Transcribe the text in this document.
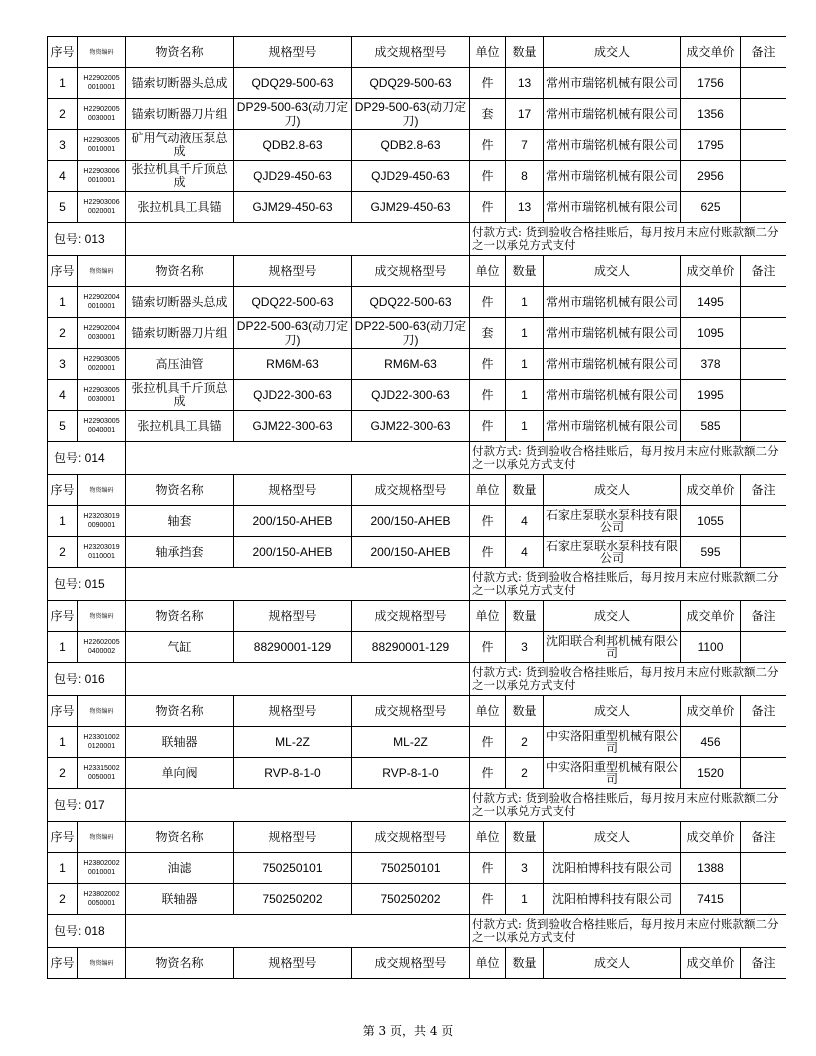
序号	物资编码	物资名称	规格型号	成交规格型号	单位	数量	成交人	成交单价	备注
1	H22902005 0010001	锚索切断器头总成	QDQ29-500-63	QDQ29-500-63	件	13	常州市瑞铭机械有限公司	1756	
2	H22902005 0030001	锚索切断器刀片组	DP29-500-63(动刀定刀)	DP29-500-63(动刀定刀)	套	17	常州市瑞铭机械有限公司	1356	
3	H22903005 0010001	矿用气动液压泵总成	QDB2.8-63	QDB2.8-63	件	7	常州市瑞铭机械有限公司	1795	
4	H22903006 0010001	张拉机具千斤顶总成	QJD29-450-63	QJD29-450-63	件	8	常州市瑞铭机械有限公司	2956	
5	H22903006 0020001	张拉机具工具锚	GJM29-450-63	GJM29-450-63	件	13	常州市瑞铭机械有限公司	625	
包号: 013					付款方式: 货到验收合格挂账后，每月按月末应付账款额二分之一以承兑方式支付				
序号	物资编码	物资名称	规格型号	成交规格型号	单位	数量	成交人	成交单价	备注
1	H22902004 0010001	锚索切断器头总成	QDQ22-500-63	QDQ22-500-63	件	1	常州市瑞铭机械有限公司	1495	
2	H22902004 0030001	锚索切断器刀片组	DP22-500-63(动刀定刀)	DP22-500-63(动刀定刀)	套	1	常州市瑞铭机械有限公司	1095	
3	H22903005 0020001	高压油管	RM6M-63	RM6M-63	件	1	常州市瑞铭机械有限公司	378	
4	H22903005 0030001	张拉机具千斤顶总成	QJD22-300-63	QJD22-300-63	件	1	常州市瑞铭机械有限公司	1995	
5	H22903005 0040001	张拉机具工具锚	GJM22-300-63	GJM22-300-63	件	1	常州市瑞铭机械有限公司	585	
包号: 014					付款方式: 货到验收合格挂账后，每月按月末应付账款额二分之一以承兑方式支付				
序号	物资编码	物资名称	规格型号	成交规格型号	单位	数量	成交人	成交单价	备注
1	H23203019 0090001	轴套	200/150-AHEB	200/150-AHEB	件	4	石家庄泵联水泵科技有限公司	1055	
2	H23203019 0110001	轴承挡套	200/150-AHEB	200/150-AHEB	件	4	石家庄泵联水泵科技有限公司	595	
包号: 015					付款方式: 货到验收合格挂账后，每月按月末应付账款额二分之一以承兑方式支付				
序号	物资编码	物资名称	规格型号	成交规格型号	单位	数量	成交人	成交单价	备注
1	H22602005 0400002	气缸	88290001-129	88290001-129	件	3	沈阳联合利邦机械有限公司	1100	
包号: 016					付款方式: 货到验收合格挂账后，每月按月末应付账款额二分之一以承兑方式支付				
序号	物资编码	物资名称	规格型号	成交规格型号	单位	数量	成交人	成交单价	备注
1	H23301002 0120001	联轴器	ML-2Z	ML-2Z	件	2	中实洛阳重型机械有限公司	456	
2	H23315002 0050001	单向阀	RVP-8-1-0	RVP-8-1-0	件	2	中实洛阳重型机械有限公司	1520	
包号: 017					付款方式: 货到验收合格挂账后，每月按月末应付账款额二分之一以承兑方式支付				
序号	物资编码	物资名称	规格型号	成交规格型号	单位	数量	成交人	成交单价	备注
1	H23802002 0010001	油滤	750250101	750250101	件	3	沈阳柏博科技有限公司	1388	
2	H23802002 0050001	联轴器	750250202	750250202	件	1	沈阳柏博科技有限公司	7415	
包号: 018					付款方式: 货到验收合格挂账后，每月按月末应付账款额二分之一以承兑方式支付				
序号	物资编码	物资名称	规格型号	成交规格型号	单位	数量	成交人	成交单价	备注
第 3 页，共 4 页
